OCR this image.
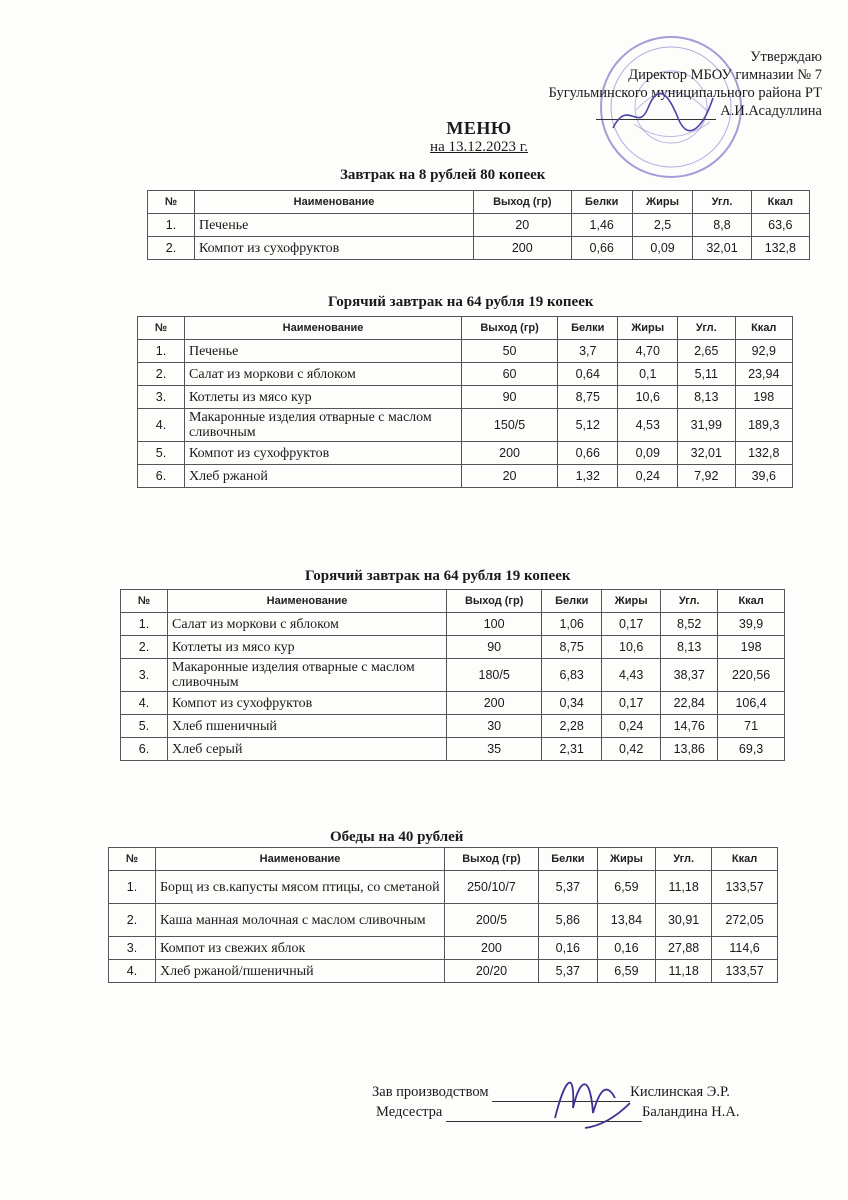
Утверждаю
Директор МБОУ гимназии № 7
Бугульминского муниципального района РТ
А.И.Асадуллина
МЕНЮ
на 13.12.2023 г.
Завтрак на 8 рублей 80 копеек
№	Наименование	Выход (гр)	Белки	Жиры	Угл.	Ккал
1.	Печенье	20	1,46	2,5	8,8	63,6
2.	Компот из сухофруктов	200	0,66	0,09	32,01	132,8
Горячий завтрак на 64 рубля 19 копеек
№	Наименование	Выход (гр)	Белки	Жиры	Угл.	Ккал
1.	Печенье	50	3,7	4,70	2,65	92,9
2.	Салат из моркови с яблоком	60	0,64	0,1	5,11	23,94
3.	Котлеты из мясо кур	90	8,75	10,6	8,13	198
4.	Макаронные изделия отварные с маслом сливочным	150/5	5,12	4,53	31,99	189,3
5.	Компот из сухофруктов	200	0,66	0,09	32,01	132,8
6.	Хлеб ржаной	20	1,32	0,24	7,92	39,6
Горячий завтрак на 64 рубля 19 копеек
№	Наименование	Выход (гр)	Белки	Жиры	Угл.	Ккал
1.	Салат из моркови с яблоком	100	1,06	0,17	8,52	39,9
2.	Котлеты из мясо кур	90	8,75	10,6	8,13	198
3.	Макаронные изделия отварные с маслом сливочным	180/5	6,83	4,43	38,37	220,56
4.	Компот из сухофруктов	200	0,34	0,17	22,84	106,4
5.	Хлеб пшеничный	30	2,28	0,24	14,76	71
6.	Хлеб серый	35	2,31	0,42	13,86	69,3
Обеды на 40 рублей
№	Наименование	Выход (гр)	Белки	Жиры	Угл.	Ккал
1.	Борщ из св.капусты мясом птицы, со сметаной	250/10/7	5,37	6,59	11,18	133,57
2.	Каша манная молочная с маслом сливочным	200/5	5,86	13,84	30,91	272,05
3.	Компот из свежих яблок	200	0,16	0,16	27,88	114,6
4.	Хлеб ржаной/пшеничный	20/20	5,37	6,59	11,18	133,57
Зав производством	Кислинская Э.Р.
Медсестра	Баландина Н.А.
